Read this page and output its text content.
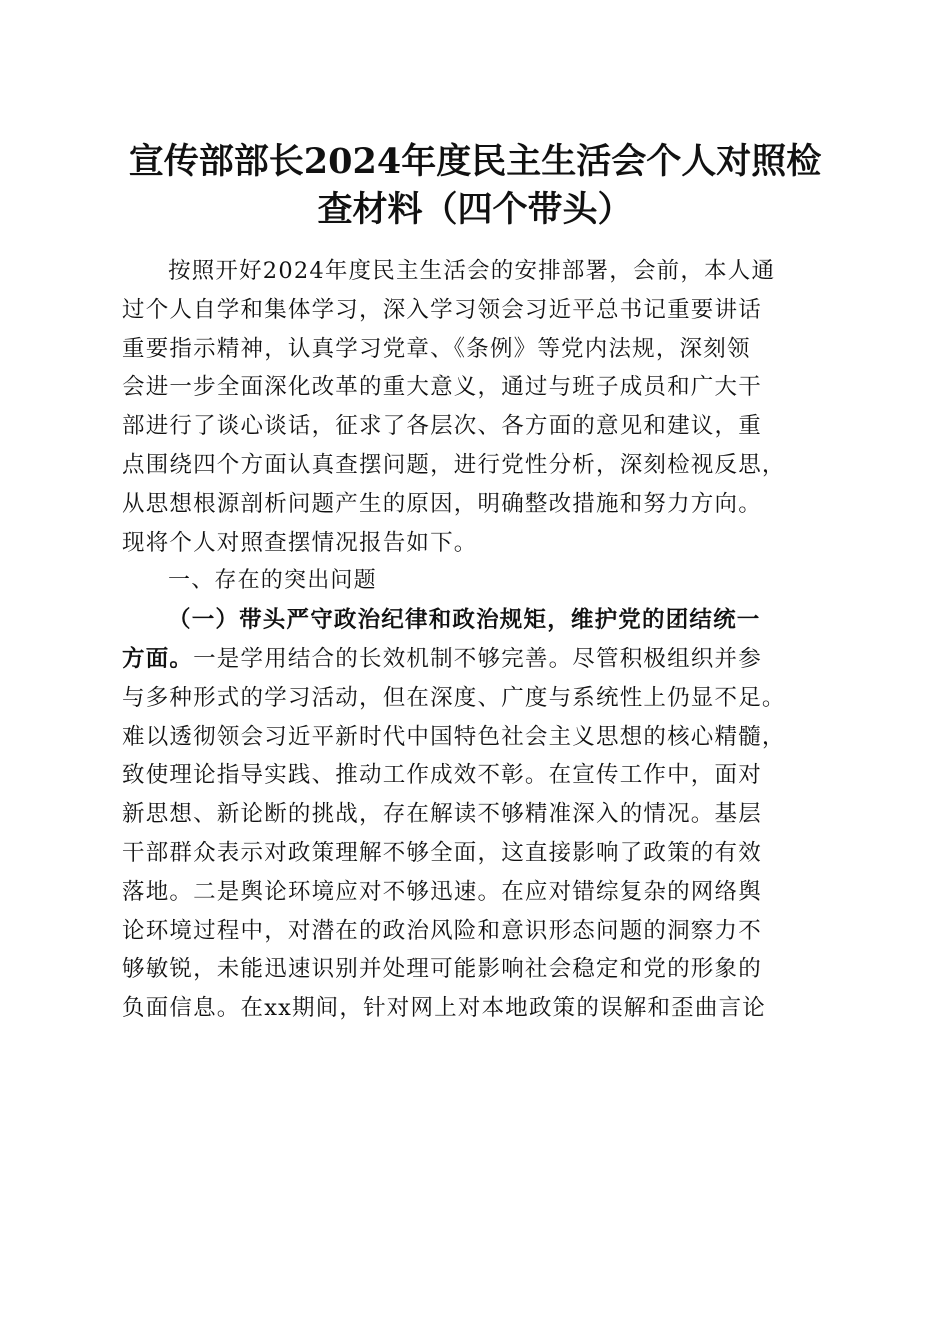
宣传部部长2024年度民主生活会个人对照检
查材料（四个带头）
按照开好2024年度民主生活会的安排部署，会前，本人通
过个人自学和集体学习，深入学习领会习近平总书记重要讲话
重要指示精神，认真学习党章、《条例》等党内法规，深刻领
会进一步全面深化改革的重大意义，通过与班子成员和广大干
部进行了谈心谈话，征求了各层次、各方面的意见和建议，重
点围绕四个方面认真查摆问题，进行党性分析，深刻检视反思，
从思想根源剖析问题产生的原因，明确整改措施和努力方向。
现将个人对照查摆情况报告如下。
一、存在的突出问题
（一）带头严守政治纪律和政治规矩，维护党的团结统一
方面。一是学用结合的长效机制不够完善。尽管积极组织并参
与多种形式的学习活动，但在深度、广度与系统性上仍显不足。
难以透彻领会习近平新时代中国特色社会主义思想的核心精髓，
致使理论指导实践、推动工作成效不彰。在宣传工作中，面对
新思想、新论断的挑战，存在解读不够精准深入的情况。基层
干部群众表示对政策理解不够全面，这直接影响了政策的有效
落地。二是舆论环境应对不够迅速。在应对错综复杂的网络舆
论环境过程中，对潜在的政治风险和意识形态问题的洞察力不
够敏锐，未能迅速识别并处理可能影响社会稳定和党的形象的
负面信息。在xx期间，针对网上对本地政策的误解和歪曲言论
